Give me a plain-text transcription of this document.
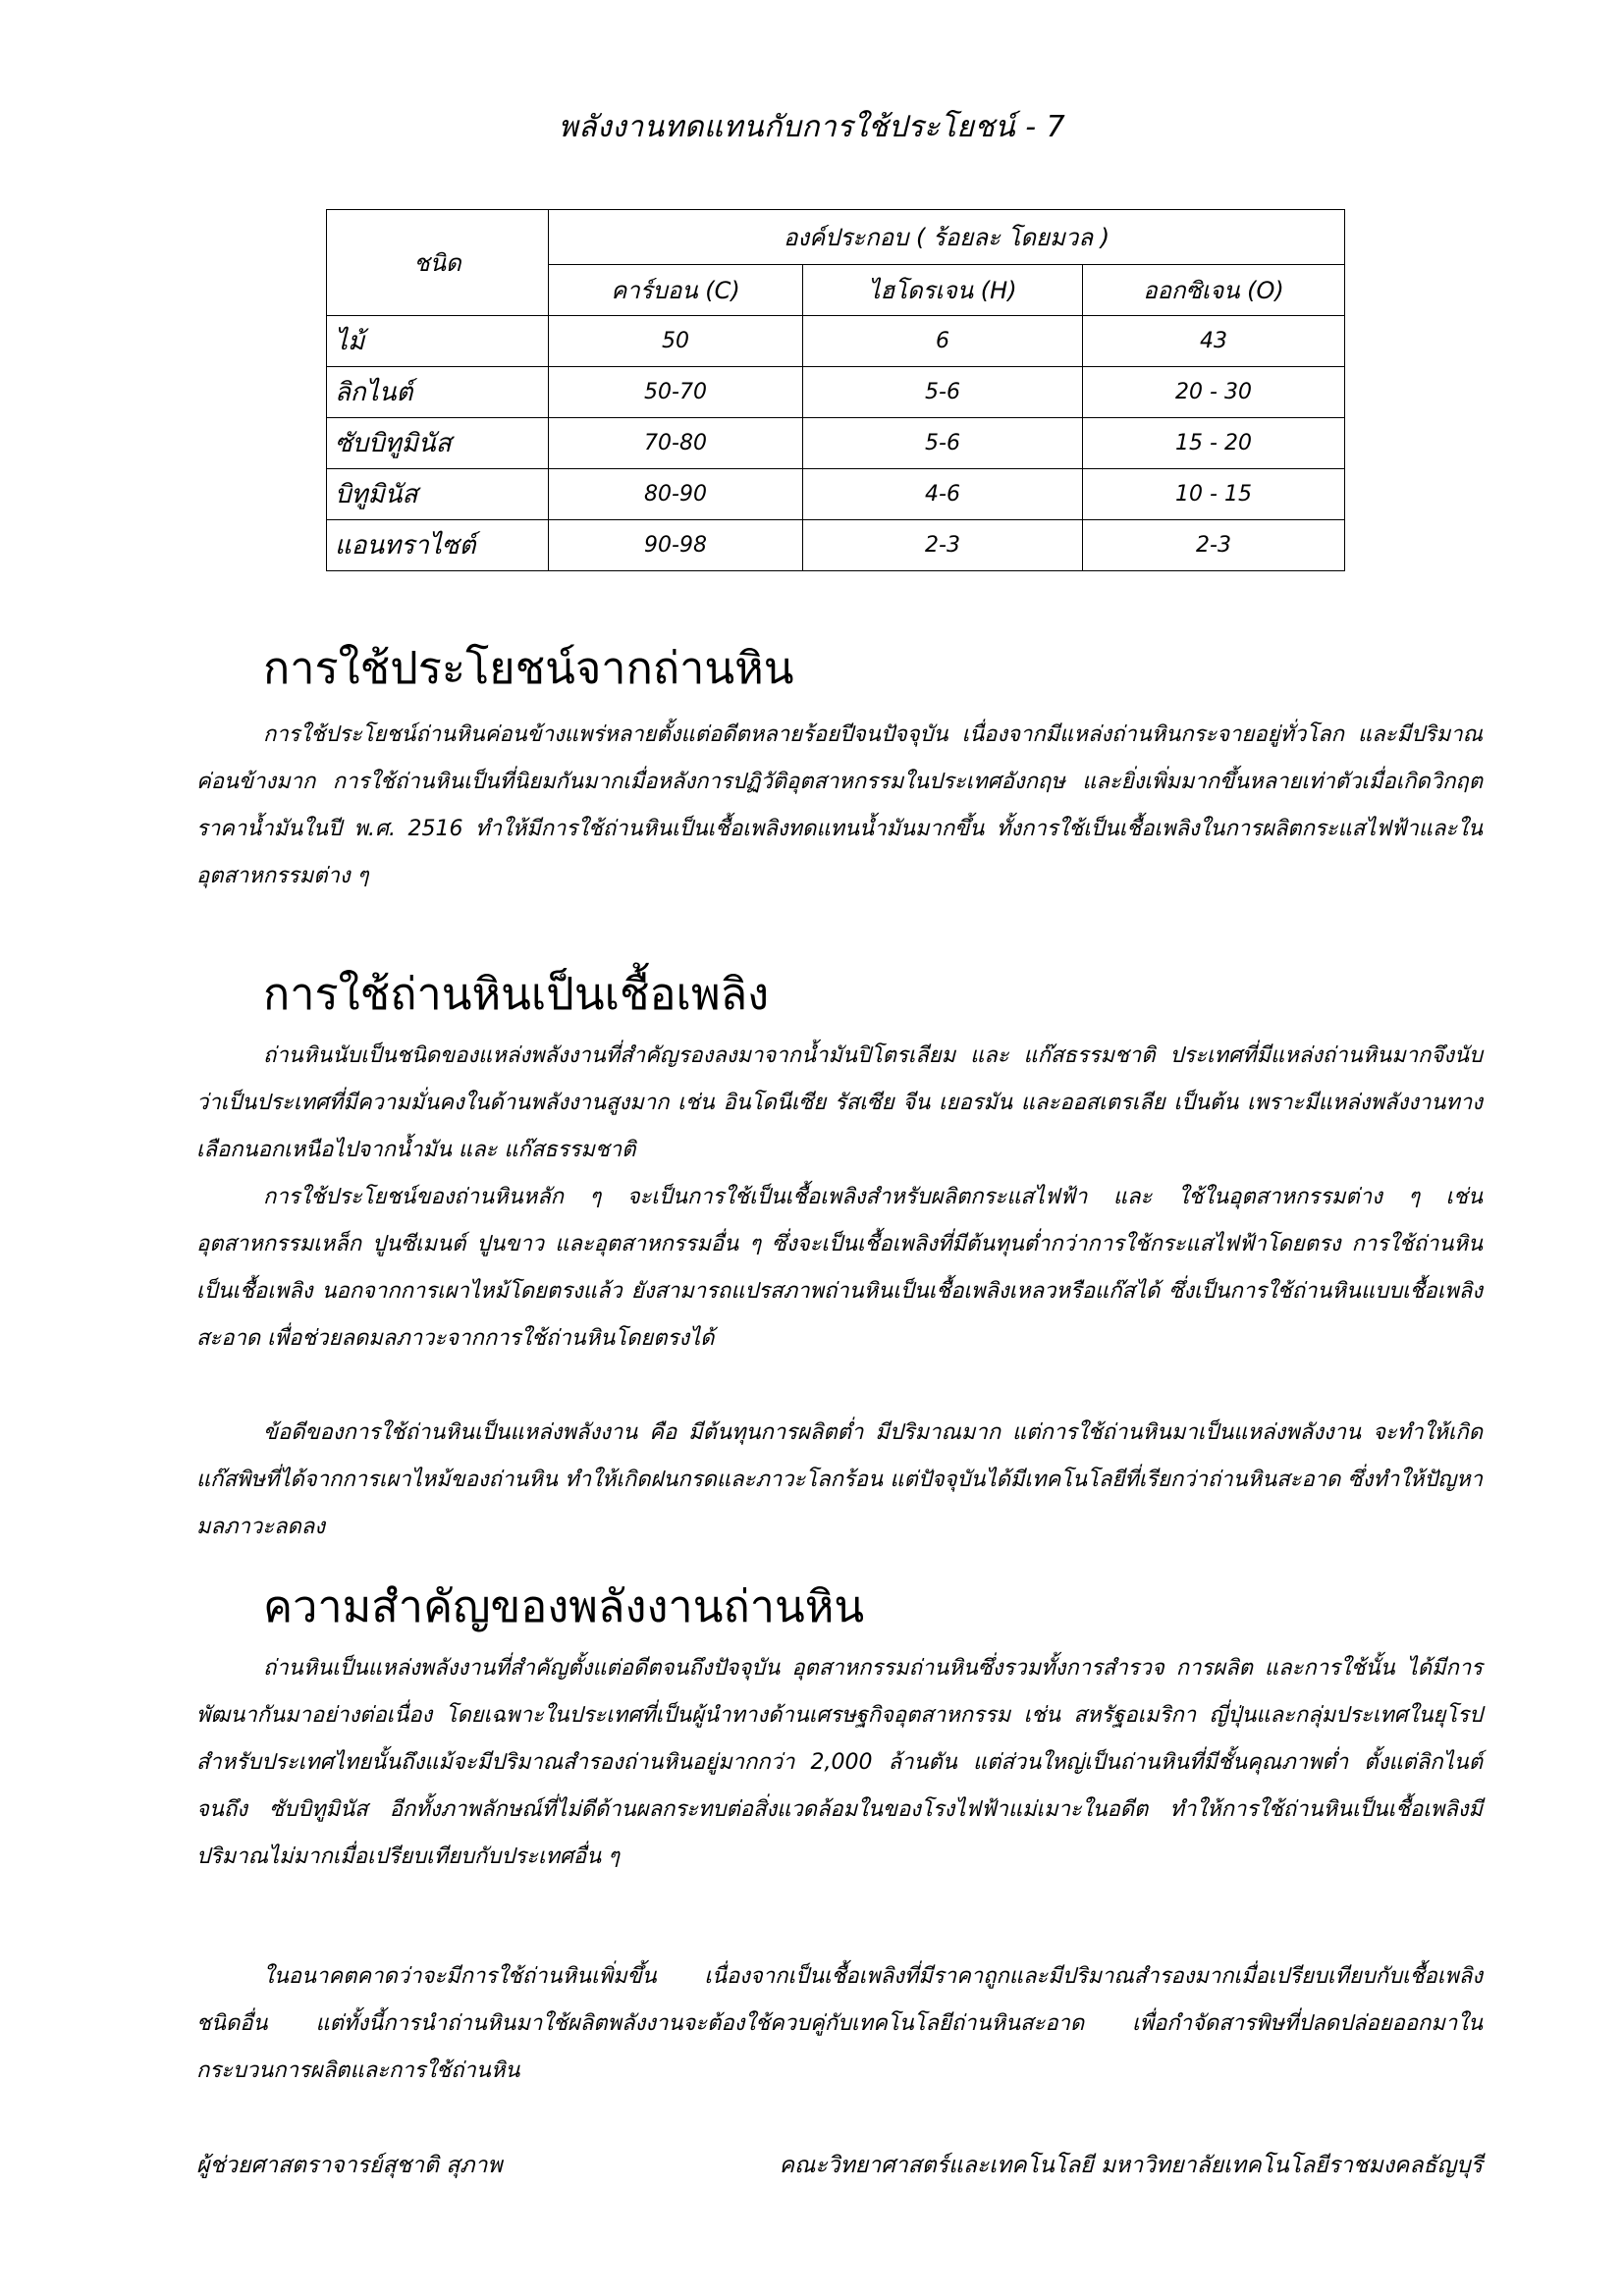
พลังงานทดแทนกับการใช้ประโยชน์ - 7
ชนิด	องค์ประกอบ ( ร้อยละ โดยมวล )		
	คาร์บอน (C)	ไฮโดรเจน (H)	ออกซิเจน (O)
ไม้	50	6	43
ลิกไนต์	50-70	5-6	20 - 30
ซับบิทูมินัส	70-80	5-6	15 - 20
บิทูมินัส	80-90	4-6	10 - 15
แอนทราไซต์	90-98	2-3	2-3
การใช้ประโยชน์จากถ่านหิน

การใช้ประโยชน์ถ่านหินค่อนข้างแพร่หลายตั้งแต่อดีตหลายร้อยปีจนปัจจุบัน เนื่องจากมีแหล่งถ่านหินกระจายอยู่ทั่วโลก และมีปริมาณค่อนข้างมาก การใช้ถ่านหินเป็นที่นิยมกันมากเมื่อหลังการปฏิวัติอุตสาหกรรมในประเทศอังกฤษ และยิ่งเพิ่มมากขึ้นหลายเท่าตัวเมื่อเกิดวิกฤตราคาน้ำมันในปี พ.ศ. 2516 ทำให้มีการใช้ถ่านหินเป็นเชื้อเพลิงทดแทนน้ำมันมากขึ้น ทั้งการใช้เป็นเชื้อเพลิงในการผลิตกระแสไฟฟ้าและในอุตสาหกรรมต่าง ๆ

การใช้ถ่านหินเป็นเชื้อเพลิง

ถ่านหินนับเป็นชนิดของแหล่งพลังงานที่สำคัญรองลงมาจากน้ำมันปิโตรเลียม และ แก๊สธรรมชาติ ประเทศที่มีแหล่งถ่านหินมากจึงนับว่าเป็นประเทศที่มีความมั่นคงในด้านพลังงานสูงมาก เช่น อินโดนีเซีย รัสเซีย จีน เยอรมัน และออสเตรเลีย เป็นต้น เพราะมีแหล่งพลังงานทางเลือกนอกเหนือไปจากน้ำมัน และ แก๊สธรรมชาติ

การใช้ประโยชน์ของถ่านหินหลัก ๆ จะเป็นการใช้เป็นเชื้อเพลิงสำหรับผลิตกระแสไฟฟ้า และ ใช้ในอุตสาหกรรมต่าง ๆ เช่น อุตสาหกรรมเหล็ก ปูนซีเมนต์ ปูนขาว และอุตสาหกรรมอื่น ๆ ซึ่งจะเป็นเชื้อเพลิงที่มีต้นทุนต่ำกว่าการใช้กระแสไฟฟ้าโดยตรง การใช้ถ่านหินเป็นเชื้อเพลิง นอกจากการเผาไหม้โดยตรงแล้ว ยังสามารถแปรสภาพถ่านหินเป็นเชื้อเพลิงเหลวหรือแก๊สได้ ซึ่งเป็นการใช้ถ่านหินแบบเชื้อเพลิงสะอาด เพื่อช่วยลดมลภาวะจากการใช้ถ่านหินโดยตรงได้

ข้อดีของการใช้ถ่านหินเป็นแหล่งพลังงาน คือ มีต้นทุนการผลิตต่ำ มีปริมาณมาก แต่การใช้ถ่านหินมาเป็นแหล่งพลังงาน จะทำให้เกิดแก๊สพิษที่ได้จากการเผาไหม้ของถ่านหิน ทำให้เกิดฝนกรดและภาวะโลกร้อน แต่ปัจจุบันได้มีเทคโนโลยีที่เรียกว่าถ่านหินสะอาด ซึ่งทำให้ปัญหามลภาวะลดลง

ความสำคัญของพลังงานถ่านหิน

ถ่านหินเป็นแหล่งพลังงานที่สำคัญตั้งแต่อดีตจนถึงปัจจุบัน อุตสาหกรรมถ่านหินซึ่งรวมทั้งการสำรวจ การผลิต และการใช้นั้น ได้มีการพัฒนากันมาอย่างต่อเนื่อง โดยเฉพาะในประเทศที่เป็นผู้นำทางด้านเศรษฐกิจอุตสาหกรรม เช่น สหรัฐอเมริกา ญี่ปุ่นและกลุ่มประเทศในยุโรป สำหรับประเทศไทยนั้นถึงแม้จะมีปริมาณสำรองถ่านหินอยู่มากกว่า 2,000 ล้านตัน แต่ส่วนใหญ่เป็นถ่านหินที่มีชั้นคุณภาพต่ำ ตั้งแต่ลิกไนต์ จนถึง ซับบิทูมินัส อีกทั้งภาพลักษณ์ที่ไม่ดีด้านผลกระทบต่อสิ่งแวดล้อมในของโรงไฟฟ้าแม่เมาะในอดีต ทำให้การใช้ถ่านหินเป็นเชื้อเพลิงมีปริมาณไม่มากเมื่อเปรียบเทียบกับประเทศอื่น ๆ

ในอนาคตคาดว่าจะมีการใช้ถ่านหินเพิ่มขึ้น เนื่องจากเป็นเชื้อเพลิงที่มีราคาถูกและมีปริมาณสำรองมากเมื่อเปรียบเทียบกับเชื้อเพลิงชนิดอื่น แต่ทั้งนี้การนำถ่านหินมาใช้ผลิตพลังงานจะต้องใช้ควบคู่กับเทคโนโลยีถ่านหินสะอาด เพื่อกำจัดสารพิษที่ปลดปล่อยออกมาในกระบวนการผลิตและการใช้ถ่านหิน

ผู้ช่วยศาสตราจารย์สุชาติ สุภาพ	คณะวิทยาศาสตร์และเทคโนโลยี มหาวิทยาลัยเทคโนโลยีราชมงคลธัญบุรี
